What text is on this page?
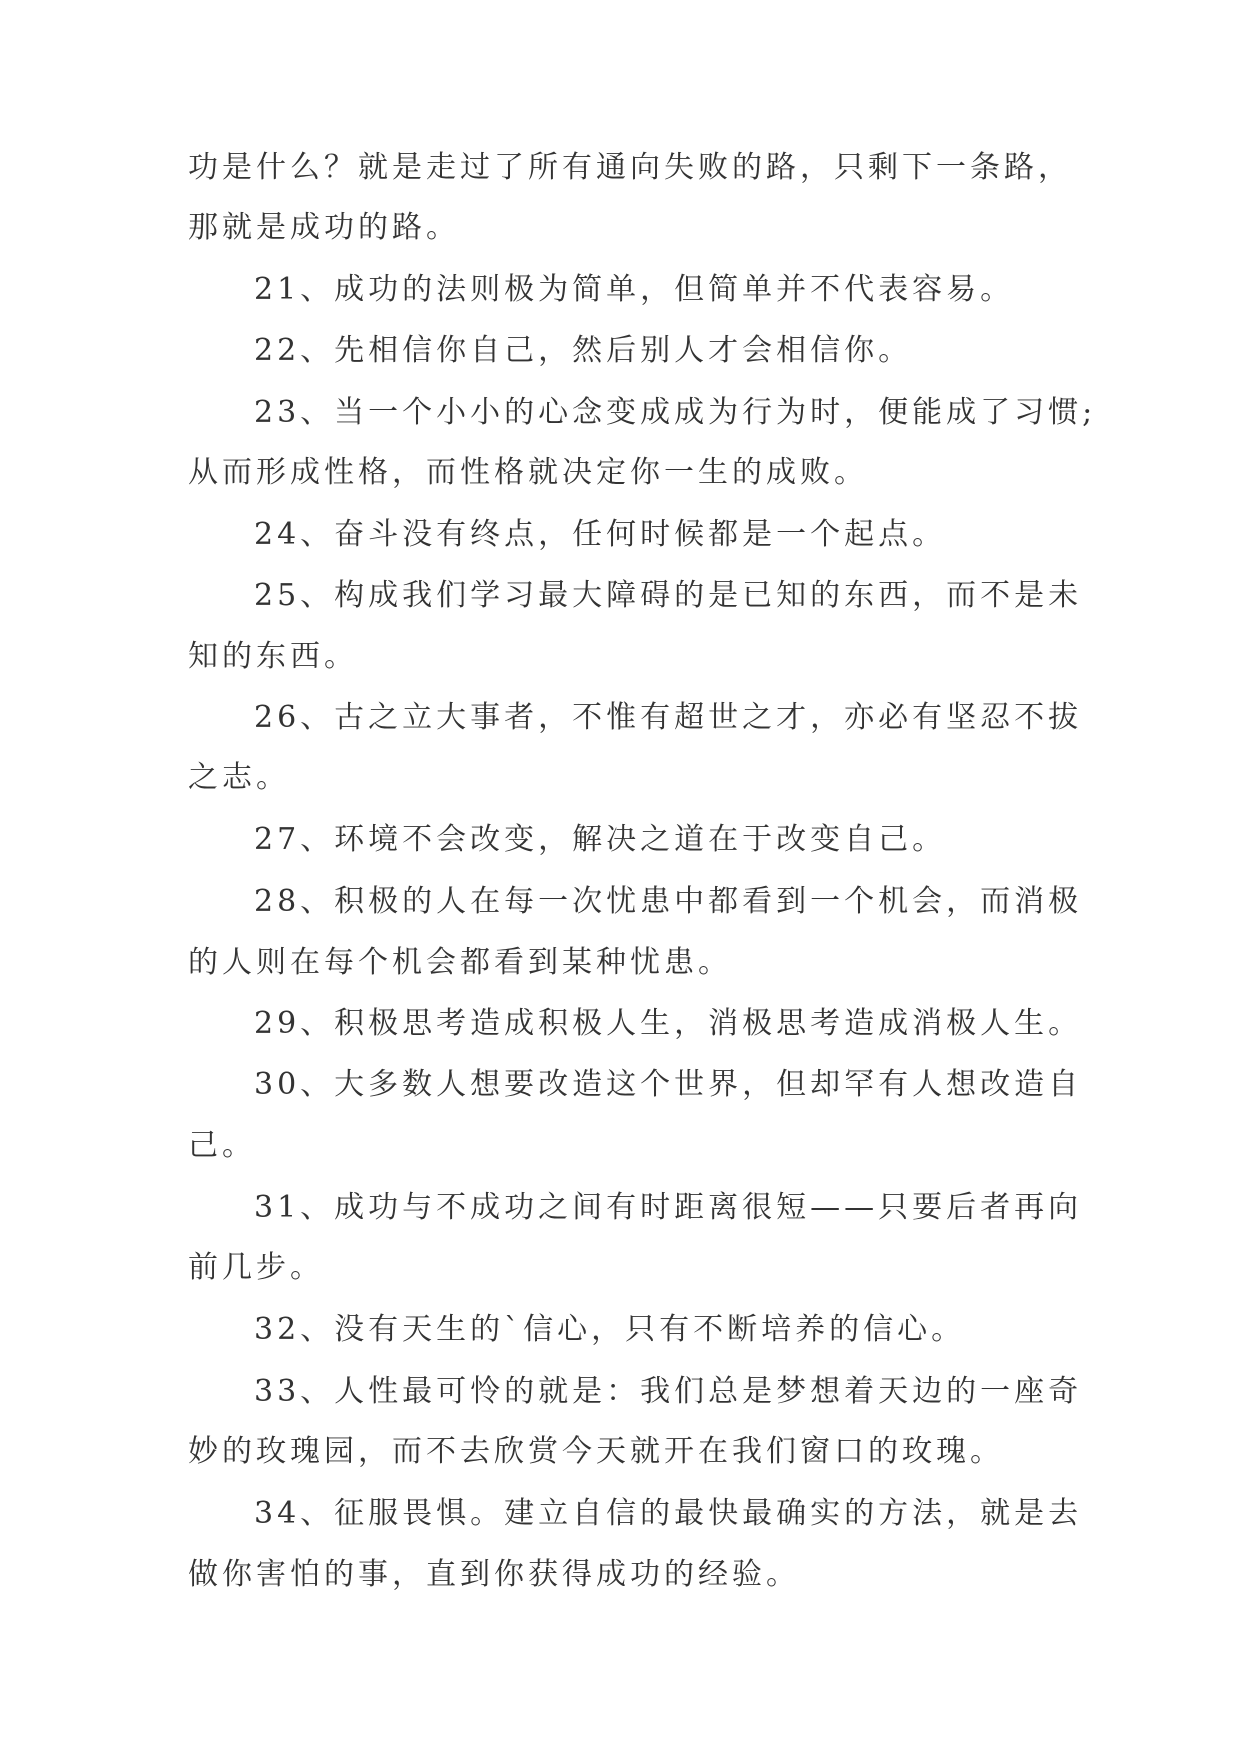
功是什么？就是走过了所有通向失败的路，只剩下一条路，
那就是成功的路。
21、成功的法则极为简单，但简单并不代表容易。
22、先相信你自己，然后别人才会相信你。
23、当一个小小的心念变成成为行为时，便能成了习惯;
从而形成性格，而性格就决定你一生的成败。
24、奋斗没有终点，任何时候都是一个起点。
25、构成我们学习最大障碍的是已知的东西，而不是未
知的东西。
26、古之立大事者，不惟有超世之才，亦必有坚忍不拔
之志。
27、环境不会改变，解决之道在于改变自己。
28、积极的人在每一次忧患中都看到一个机会，而消极
的人则在每个机会都看到某种忧患。
29、积极思考造成积极人生，消极思考造成消极人生。
30、大多数人想要改造这个世界，但却罕有人想改造自
己。
31、成功与不成功之间有时距离很短——只要后者再向
前几步。
32、没有天生的`信心，只有不断培养的信心。
33、人性最可怜的就是：我们总是梦想着天边的一座奇
妙的玫瑰园，而不去欣赏今天就开在我们窗口的玫瑰。
34、征服畏惧。建立自信的最快最确实的方法，就是去
做你害怕的事，直到你获得成功的经验。
